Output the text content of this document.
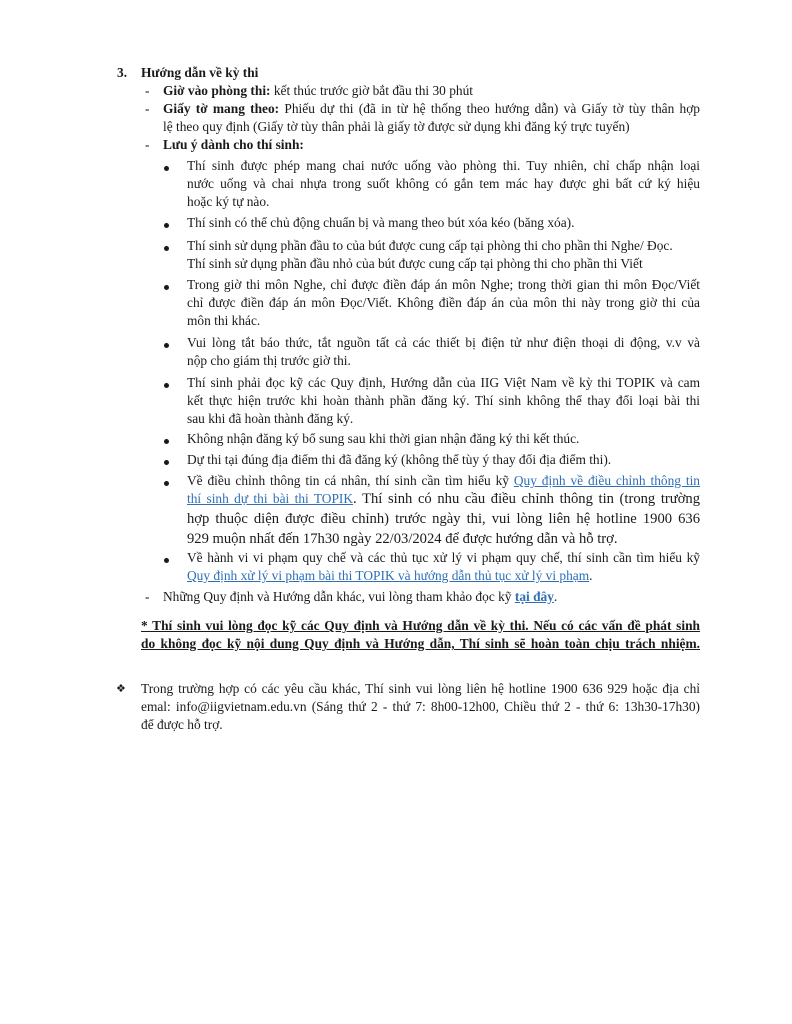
3. Hướng dẫn về kỳ thi
- Giờ vào phòng thi: kết thúc trước giờ bắt đầu thi 30 phút
- Giấy tờ mang theo: Phiếu dự thi (đã in từ hệ thống theo hướng dẫn) và Giấy tờ tùy thân hợp
lệ theo quy định (Giấy tờ tùy thân phải là giấy tờ được sử dụng khi đăng ký trực tuyến)
- Lưu ý dành cho thí sinh:
Thí sinh được phép mang chai nước uống vào phòng thi. Tuy nhiên, chỉ chấp nhận loại
nước uống và chai nhựa trong suốt không có gắn tem mác hay được ghi bất cứ ký hiệu
hoặc ký tự nào.
Thí sinh có thể chủ động chuẩn bị và mang theo bút xóa kéo (băng xóa).
Thí sinh sử dụng phần đầu to của bút được cung cấp tại phòng thi cho phần thi Nghe/ Đọc.
Thí sinh sử dụng phần đầu nhỏ của bút được cung cấp tại phòng thi cho phần thi Viết
Trong giờ thi môn Nghe, chỉ được điền đáp án môn Nghe; trong thời gian thi môn Đọc/Viết
chỉ được điền đáp án môn Đọc/Viết. Không điền đáp án của môn thi này trong giờ thi của
môn thi khác.
Vui lòng tắt báo thức, tắt nguồn tất cả các thiết bị điện tử như điện thoại di động, v.v và
nộp cho giám thị trước giờ thi.
Thí sinh phải đọc kỹ các Quy định, Hướng dẫn của IIG Việt Nam về kỳ thi TOPIK và cam
kết thực hiện trước khi hoàn thành phần đăng ký. Thí sinh không thể thay đổi loại bài thi
sau khi đã hoàn thành đăng ký.
Không nhận đăng ký bổ sung sau khi thời gian nhận đăng ký thi kết thúc.
Dự thi tại đúng địa điểm thi đã đăng ký (không thể tùy ý thay đổi địa điểm thi).
Về điều chỉnh thông tin cá nhân, thí sinh cần tìm hiểu kỹ Quy định về điều chỉnh thông tin
thí sinh dự thi bài thi TOPIK. Thí sinh có nhu cầu điều chỉnh thông tin (trong trường
hợp thuộc diện được điều chỉnh) trước ngày thi, vui lòng liên hệ hotline 1900 636
929 muộn nhất đến 17h30 ngày 22/03/2024 để được hướng dẫn và hỗ trợ.
Về hành vi vi phạm quy chế và các thủ tục xử lý vi phạm quy chế, thí sinh cần tìm hiểu kỹ
Quy định xử lý vi phạm bài thi TOPIK và hướng dẫn thủ tục xử lý vi phạm.
- Những Quy định và Hướng dẫn khác, vui lòng tham khảo đọc kỹ tại đây.
* Thí sinh vui lòng đọc kỹ các Quy định và Hướng dẫn về kỳ thi. Nếu có các vấn đề phát sinh
do không đọc kỹ nội dung Quy định và Hướng dẫn, Thí sinh sẽ hoàn toàn chịu trách nhiệm.
❖ Trong trường hợp có các yêu cầu khác, Thí sinh vui lòng liên hệ hotline 1900 636 929 hoặc địa chỉ
emal: info@iigvietnam.edu.vn (Sáng thứ 2 - thứ 7: 8h00-12h00, Chiều thứ 2 - thứ 6: 13h30-17h30)
để được hỗ trợ.
